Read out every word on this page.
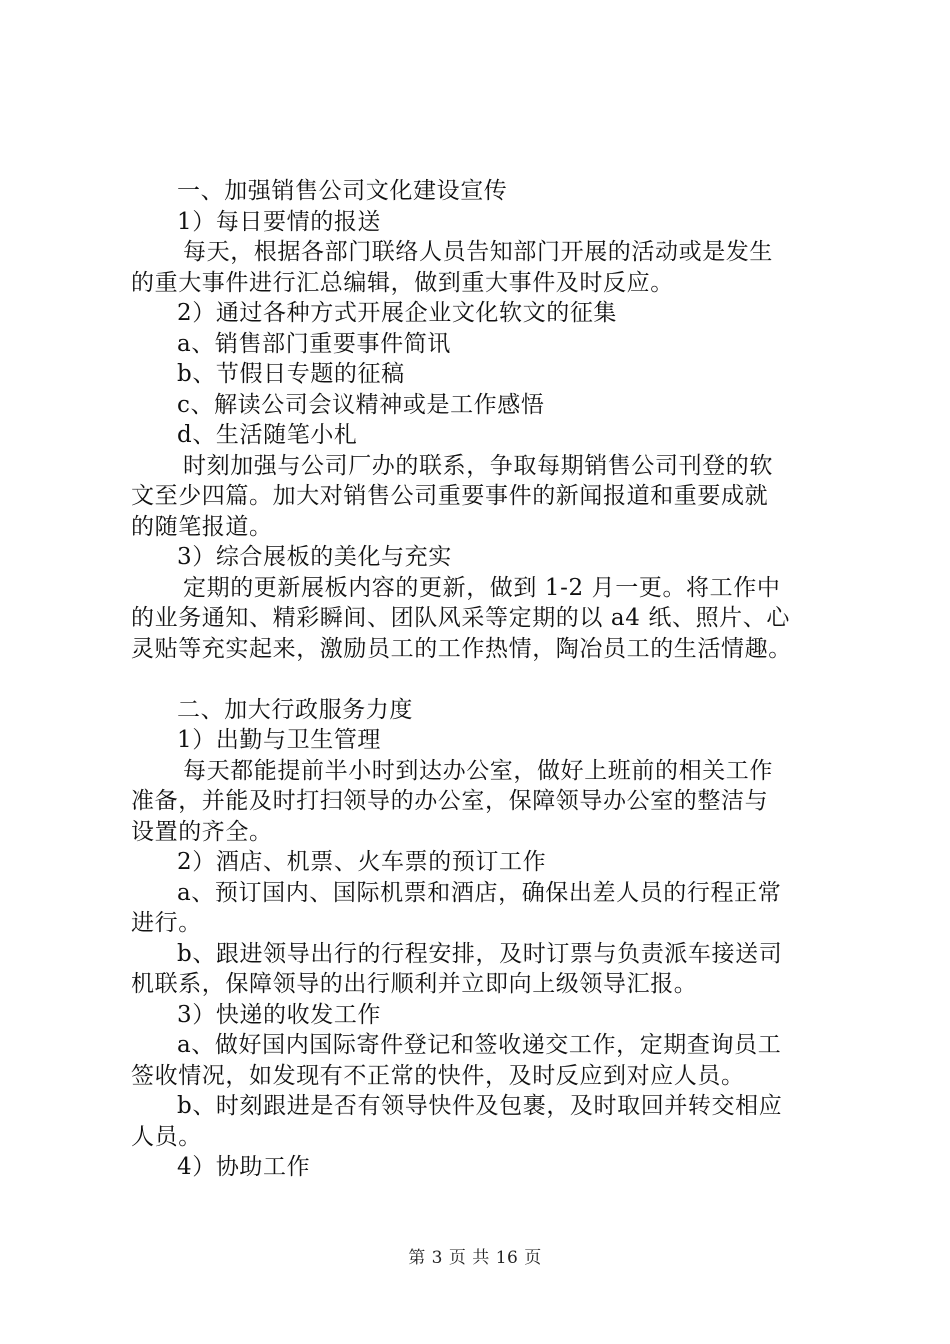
一、加强销售公司文化建设宣传
1）每日要情的报送
每天，根据各部门联络人员告知部门开展的活动或是发生
的重大事件进行汇总编辑，做到重大事件及时反应。
2）通过各种方式开展企业文化软文的征集
a、销售部门重要事件简讯
b、节假日专题的征稿
c、解读公司会议精神或是工作感悟
d、生活随笔小札
时刻加强与公司厂办的联系，争取每期销售公司刊登的软
文至少四篇。加大对销售公司重要事件的新闻报道和重要成就
的随笔报道。
3）综合展板的美化与充实
定期的更新展板内容的更新，做到 1-2 月一更。将工作中
的业务通知、精彩瞬间、团队风采等定期的以 a4 纸、照片、心
灵贴等充实起来，激励员工的工作热情，陶冶员工的生活情趣。
二、加大行政服务力度
1）出勤与卫生管理
每天都能提前半小时到达办公室，做好上班前的相关工作
准备，并能及时打扫领导的办公室，保障领导办公室的整洁与
设置的齐全。
2）酒店、机票、火车票的预订工作
a、预订国内、国际机票和酒店，确保出差人员的行程正常
进行。
b、跟进领导出行的行程安排，及时订票与负责派车接送司
机联系，保障领导的出行顺利并立即向上级领导汇报。
3）快递的收发工作
a、做好国内国际寄件登记和签收递交工作，定期查询员工
签收情况，如发现有不正常的快件，及时反应到对应人员。
b、时刻跟进是否有领导快件及包裹，及时取回并转交相应
人员。
4）协助工作
第 3 页 共 16 页
